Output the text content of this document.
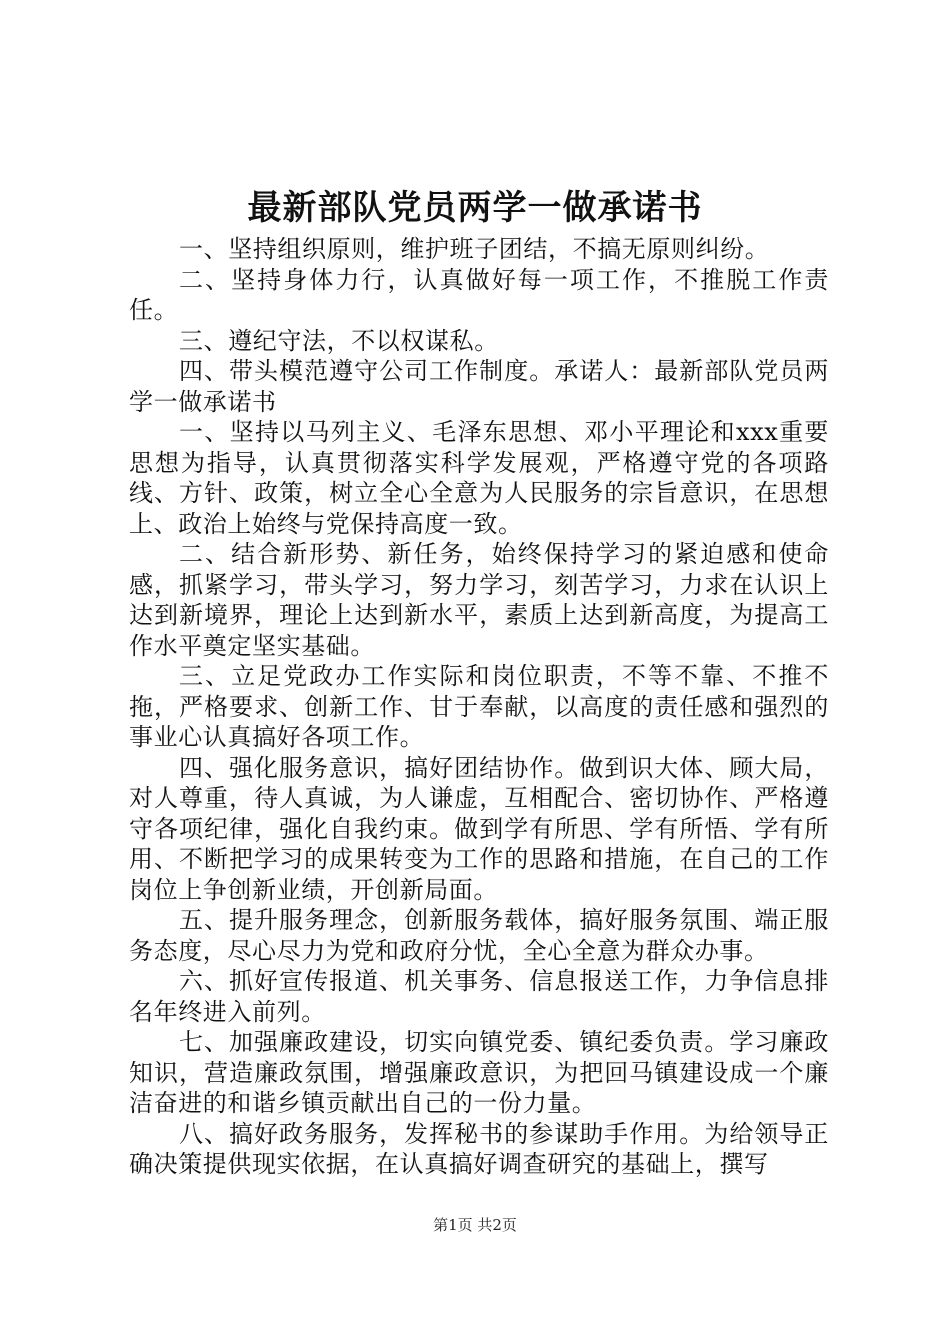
最新部队党员两学一做承诺书

一、坚持组织原则，维护班子团结，不搞无原则纠纷。

二、坚持身体力行，认真做好每一项工作，不推脱工作责任。

三、遵纪守法，不以权谋私。

四、带头模范遵守公司工作制度。承诺人：最新部队党员两学一做承诺书

一、坚持以马列主义、毛泽东思想、邓小平理论和xxx重要思想为指导，认真贯彻落实科学发展观，严格遵守党的各项路线、方针、政策，树立全心全意为人民服务的宗旨意识，在思想上、政治上始终与党保持高度一致。

二、结合新形势、新任务，始终保持学习的紧迫感和使命感，抓紧学习，带头学习，努力学习，刻苦学习，力求在认识上达到新境界，理论上达到新水平，素质上达到新高度，为提高工作水平奠定坚实基础。

三、立足党政办工作实际和岗位职责，不等不靠、不推不拖，严格要求、创新工作、甘于奉献，以高度的责任感和强烈的事业心认真搞好各项工作。

四、强化服务意识，搞好团结协作。做到识大体、顾大局，对人尊重，待人真诚，为人谦虚，互相配合、密切协作、严格遵守各项纪律，强化自我约束。做到学有所思、学有所悟、学有所用、不断把学习的成果转变为工作的思路和措施，在自己的工作岗位上争创新业绩，开创新局面。

五、提升服务理念，创新服务载体，搞好服务氛围、端正服务态度，尽心尽力为党和政府分忧，全心全意为群众办事。

六、抓好宣传报道、机关事务、信息报送工作，力争信息排名年终进入前列。

七、加强廉政建设，切实向镇党委、镇纪委负责。学习廉政知识，营造廉政氛围，增强廉政意识，为把回马镇建设成一个廉洁奋进的和谐乡镇贡献出自己的一份力量。

八、搞好政务服务，发挥秘书的参谋助手作用。为给领导正确决策提供现实依据，在认真搞好调查研究的基础上，撰写

第1页 共2页
